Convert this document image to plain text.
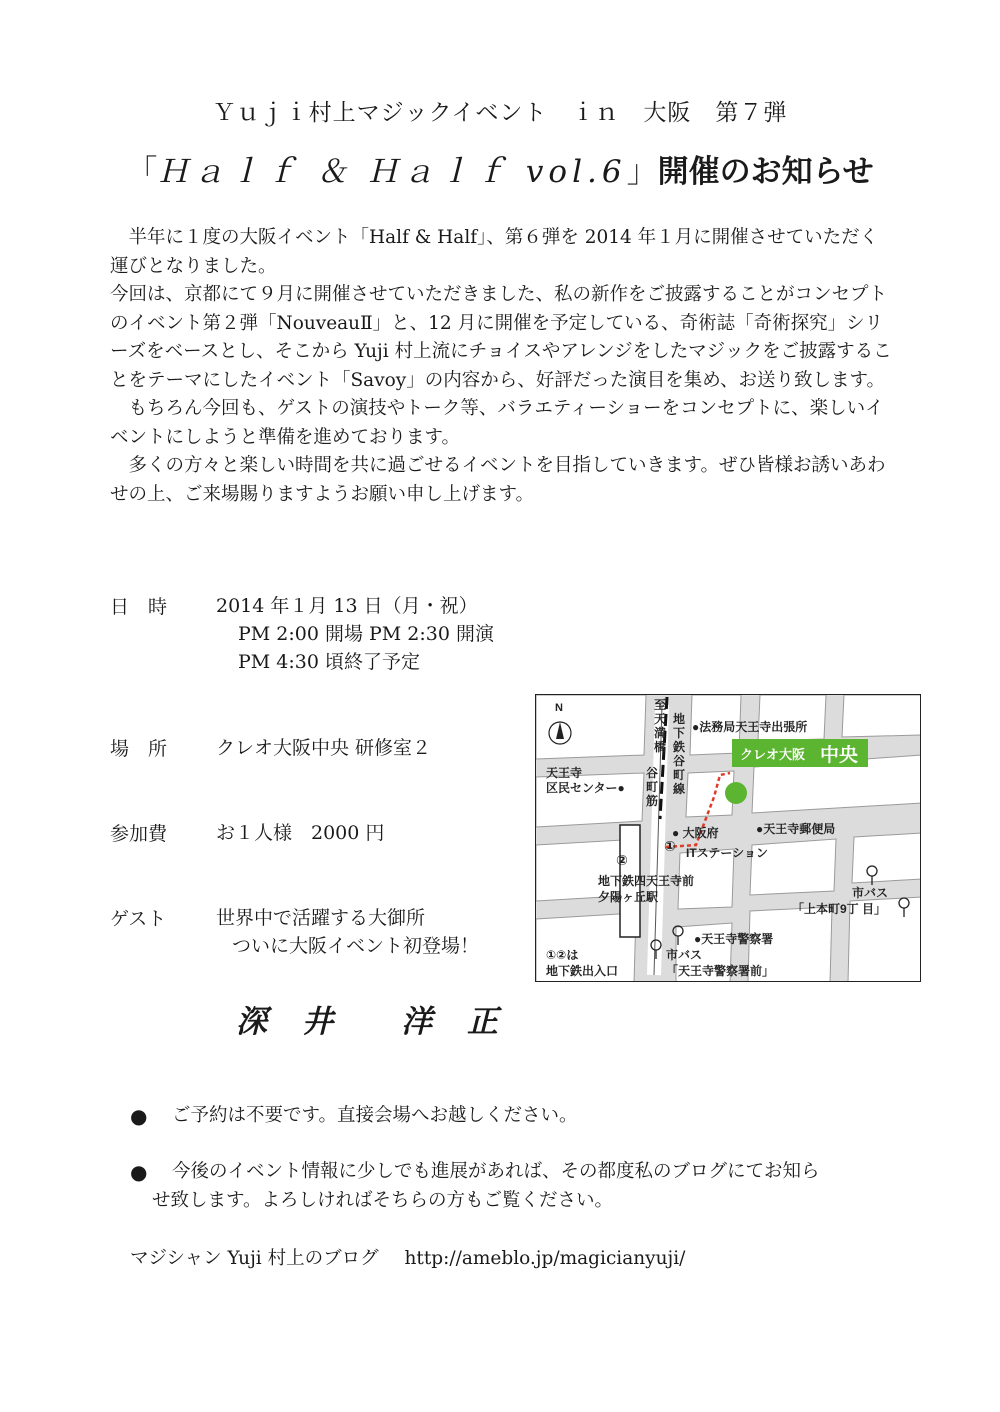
Ｙｕｊｉ村上マジックイベント　ｉｎ　大阪　第７弾
「Ｈａｌｆ ＆ Ｈａｌｆ vol.6」開催のお知らせ

半年に１度の大阪イベント「Half & Half」、第６弾を 2014 年１月に開催させていただく運びとなりました。

今回は、京都にて９月に開催させていただきました、私の新作をご披露することがコンセプトのイベント第２弾「NouveauⅡ」と、12 月に開催を予定している、奇術誌「奇術探究」シリーズをベースとし、そこから Yuji 村上流にチョイスやアレンジをしたマジックをご披露することをテーマにしたイベント「Savoy」の内容から、好評だった演目を集め、お送り致します。

もちろん今回も、ゲストの演技やトーク等、バラエティーショーをコンセプトに、楽しいイベントにしようと準備を進めております。

多くの方々と楽しい時間を共に過ごせるイベントを目指していきます。ぜひ皆様お誘いあわせの上、ご来場賜りますようお願い申し上げます。

日　時	2014 年１月 13 日（月・祝）
PM 2:00 開場 PM 2:30 開演
PM 4:30 頃終了予定
場　所	クレオ大阪中央 研修室２
参加費	お１人様　2000 円
ゲスト	世界中で活躍する大御所
ついに大阪イベント初登場！
深　井　　洋　正
N	至
天
満
橋
地
下
鉄
谷
町
線
谷
町
筋
●法務局天王寺出張所
天王寺
区民センター●
● 大阪府
ITステーション
①
②
●天王寺郵便局
地下鉄四天王寺前
夕陽ヶ丘駅	市バス
「上本町9丁 目」
●天王寺警察署
市バス
「天王寺警察署前」
①②は
地下鉄出入口
クレオ大阪 中央
● ご予約は不要です。直接会場へお越しください。
● 今後のイベント情報に少しでも進展があれば、その都度私のブログにてお知ら
せ致します。よろしければそちらの方もご覧ください。
マジシャン Yuji 村上のブログ http://ameblo.jp/magicianyuji/
